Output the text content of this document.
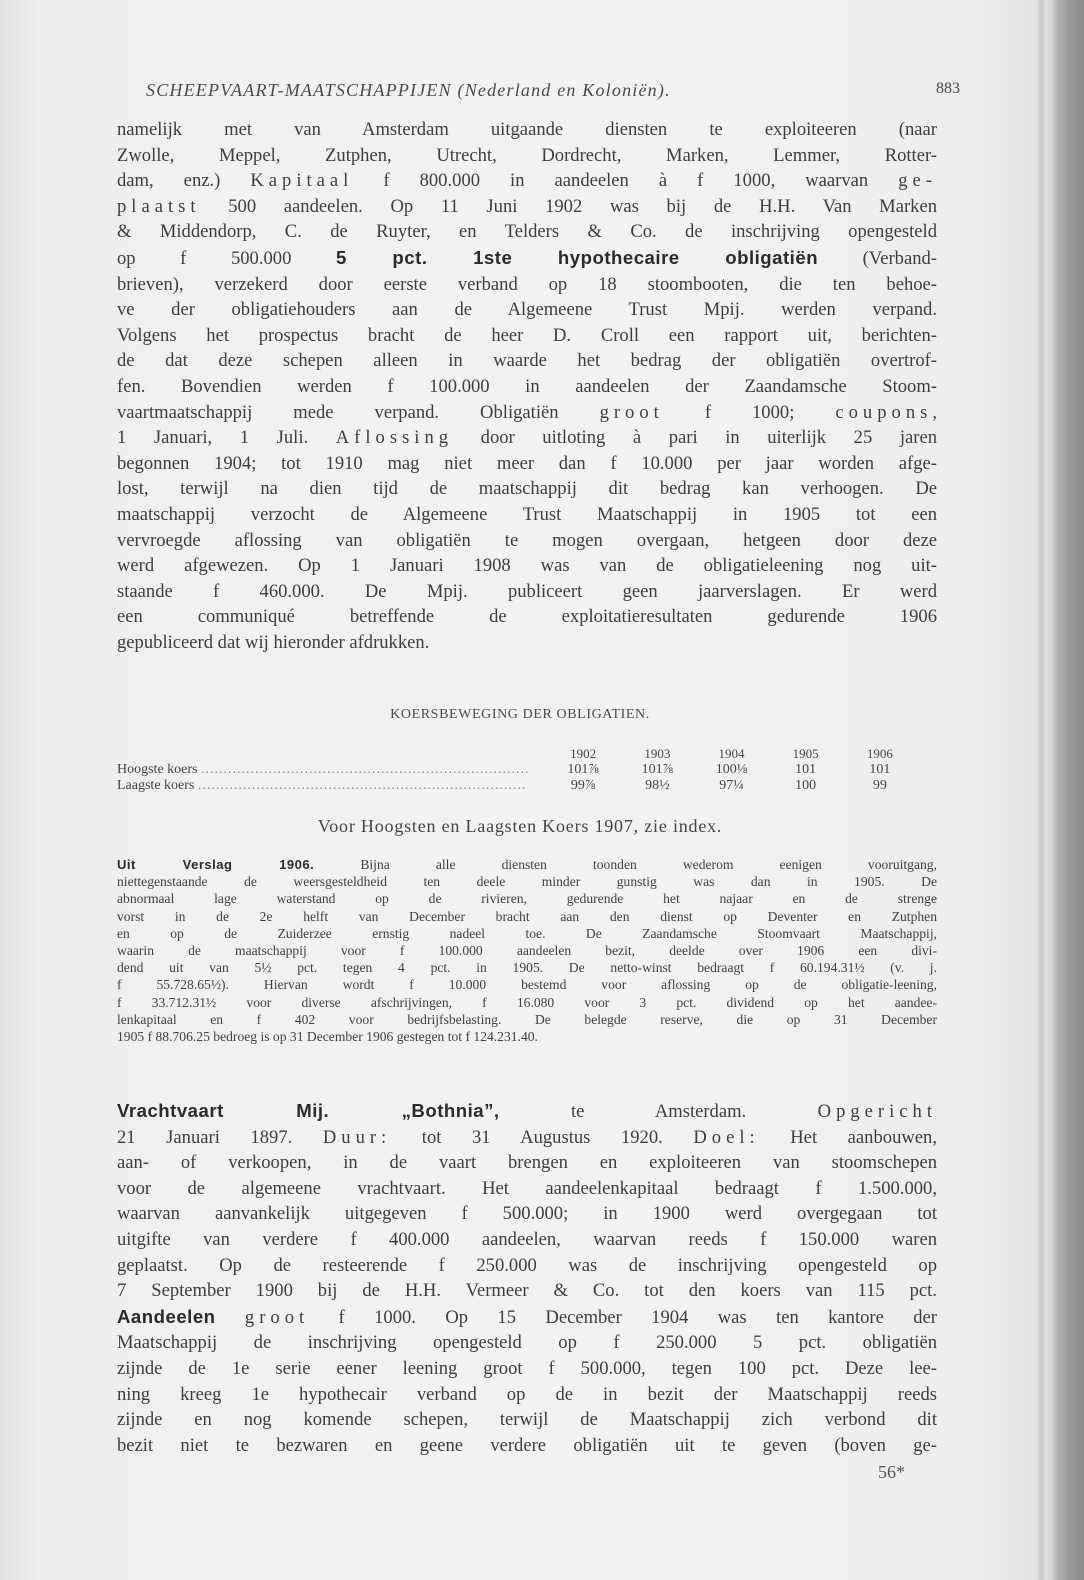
SCHEEPVAART-MAATSCHAPPIJEN (Nederland en Koloniën).	883
namelijk met van Amsterdam uitgaande diensten te exploiteeren (naar
Zwolle, Meppel, Zutphen, Utrecht, Dordrecht, Marken, Lemmer, Rotter-
dam, enz.) Kapitaal f 800.000 in aandeelen à f 1000, waarvan ge-
plaatst 500 aandeelen. Op 11 Juni 1902 was bij de H.H. Van Marken
& Middendorp, C. de Ruyter, en Telders & Co. de inschrijving opengesteld
op f 500.000 5 pct. 1ste hypothecaire obligatiën (Verband-
brieven), verzekerd door eerste verband op 18 stoombooten, die ten behoe-
ve der obligatiehouders aan de Algemeene Trust Mpij. werden verpand.
Volgens het prospectus bracht de heer D. Croll een rapport uit, berichten-
de dat deze schepen alleen in waarde het bedrag der obligatiën overtrof-
fen. Bovendien werden f 100.000 in aandeelen der Zaandamsche Stoom-
vaartmaatschappij mede verpand. Obligatiën groot f 1000; coupons,
1 Januari, 1 Juli. Aflossing door uitloting à pari in uiterlijk 25 jaren
begonnen 1904; tot 1910 mag niet meer dan f 10.000 per jaar worden afge-
lost, terwijl na dien tijd de maatschappij dit bedrag kan verhoogen. De
maatschappij verzocht de Algemeene Trust Maatschappij in 1905 tot een
vervroegde aflossing van obligatiën te mogen overgaan, hetgeen door deze
werd afgewezen. Op 1 Januari 1908 was van de obligatieleening nog uit-
staande f 460.000. De Mpij. publiceert geen jaarverslagen. Er werd
een communiqué betreffende de exploitatieresultaten gedurende 1906
gepubliceerd dat wij hieronder afdrukken.
KOERSBEWEGING DER OBLIGATIEN.
	1902	1903	1904	1905	1906
Hoogste koers .........................................................................	101⅞	101⅞	100⅛	101	101
Laagste koers .........................................................................	99⅞	98½	97¼	100	99
Voor Hoogsten en Laagsten Koers 1907, zie index.
Uit Verslag 1906. Bijna alle diensten toonden wederom eenigen vooruitgang,
niettegenstaande de weersgesteldheid ten deele minder gunstig was dan in 1905. De
abnormaal lage waterstand op de rivieren, gedurende het najaar en de strenge
vorst in de 2e helft van December bracht aan den dienst op Deventer en Zutphen
en op de Zuiderzee ernstig nadeel toe. De Zaandamsche Stoomvaart Maatschappij,
waarin de maatschappij voor f 100.000 aandeelen bezit, deelde over 1906 een divi-
dend uit van 5½ pct. tegen 4 pct. in 1905. De netto-winst bedraagt f 60.194.31½ (v. j.
f 55.728.65½). Hiervan wordt f 10.000 bestemd voor aflossing op de obligatie-leening,
f 33.712.31½ voor diverse afschrijvingen, f 16.080 voor 3 pct. dividend op het aandee-
lenkapitaal en f 402 voor bedrijfsbelasting. De belegde reserve, die op 31 December
1905 f 88.706.25 bedroeg is op 31 December 1906 gestegen tot f 124.231.40.
Vrachtvaart Mij. „Bothnia”, te Amsterdam. Opgericht
21 Januari 1897. Duur: tot 31 Augustus 1920. Doel: Het aanbouwen,
aan- of verkoopen, in de vaart brengen en exploiteeren van stoomschepen
voor de algemeene vrachtvaart. Het aandeelenkapitaal bedraagt f 1.500.000,
waarvan aanvankelijk uitgegeven f 500.000; in 1900 werd overgegaan tot
uitgifte van verdere f 400.000 aandeelen, waarvan reeds f 150.000 waren
geplaatst. Op de resteerende f 250.000 was de inschrijving opengesteld op
7 September 1900 bij de H.H. Vermeer & Co. tot den koers van 115 pct.
Aandeelen groot f 1000. Op 15 December 1904 was ten kantore der
Maatschappij de inschrijving opengesteld op f 250.000 5 pct. obligatiën
zijnde de 1e serie eener leening groot f 500.000, tegen 100 pct. Deze lee-
ning kreeg 1e hypothecair verband op de in bezit der Maatschappij reeds
zijnde en nog komende schepen, terwijl de Maatschappij zich verbond dit
bezit niet te bezwaren en geene verdere obligatiën uit te geven (boven ge-
56*
